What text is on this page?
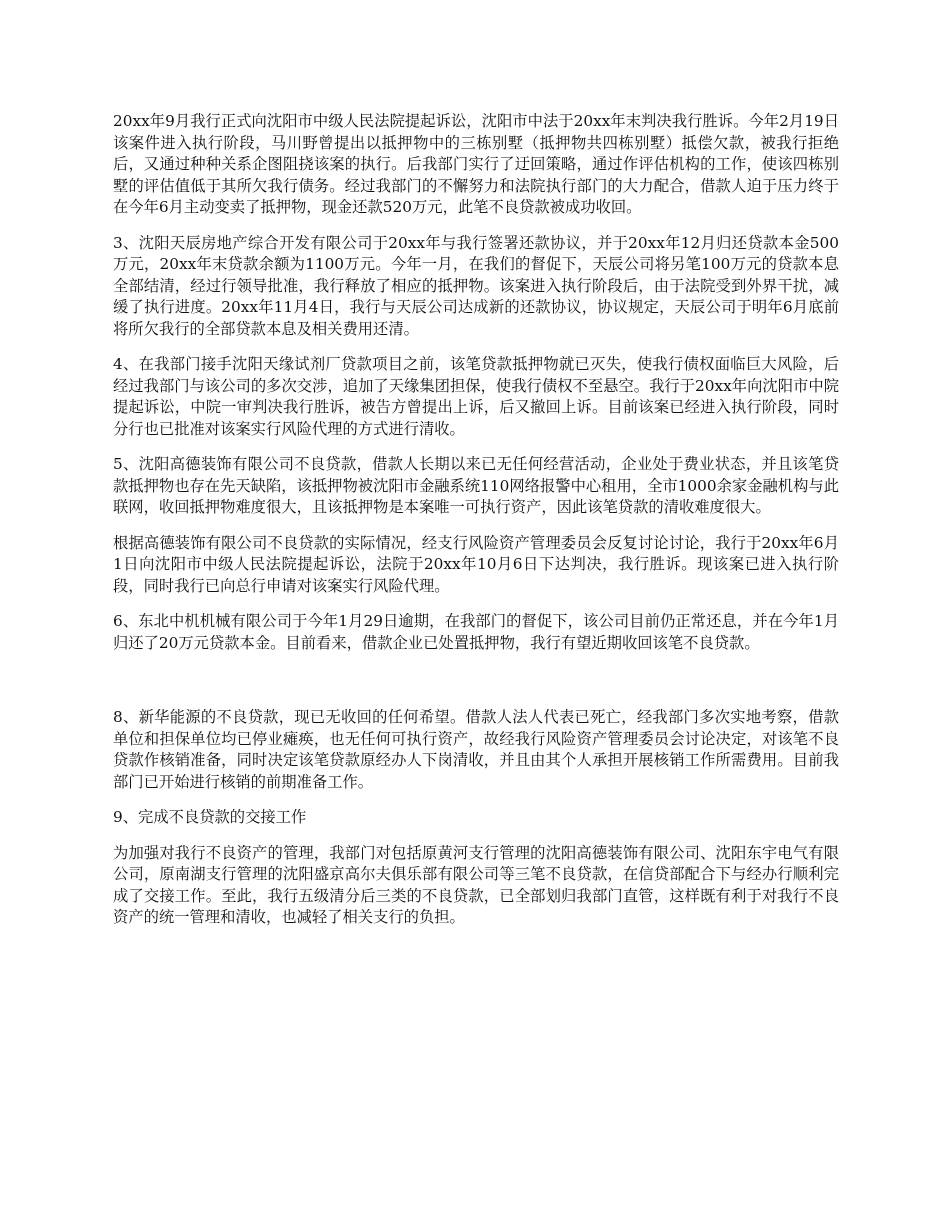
20xx年9月我行正式向沈阳市中级人民法院提起诉讼，沈阳市中法于20xx年末判决我行胜诉。今年2月19日该案件进入执行阶段，马川野曾提出以抵押物中的三栋别墅（抵押物共四栋别墅）抵偿欠款，被我行拒绝后，又通过种种关系企图阻挠该案的执行。后我部门实行了迂回策略，通过作评估机构的工作，使该四栋别墅的评估值低于其所欠我行债务。经过我部门的不懈努力和法院执行部门的大力配合，借款人迫于压力终于在今年6月主动变卖了抵押物，现金还款520万元，此笔不良贷款被成功收回。

3、沈阳天辰房地产综合开发有限公司于20xx年与我行签署还款协议，并于20xx年12月归还贷款本金500万元，20xx年末贷款余额为1100万元。今年一月，在我们的督促下，天辰公司将另笔100万元的贷款本息全部结清，经过行领导批准，我行释放了相应的抵押物。该案进入执行阶段后，由于法院受到外界干扰，减缓了执行进度。20xx年11月4日，我行与天辰公司达成新的还款协议，协议规定，天辰公司于明年6月底前将所欠我行的全部贷款本息及相关费用还清。

4、在我部门接手沈阳天缘试剂厂贷款项目之前，该笔贷款抵押物就已灭失，使我行债权面临巨大风险，后经过我部门与该公司的多次交涉，追加了天缘集团担保，使我行债权不至悬空。我行于20xx年向沈阳市中院提起诉讼，中院一审判决我行胜诉，被告方曾提出上诉，后又撤回上诉。目前该案已经进入执行阶段，同时分行也已批准对该案实行风险代理的方式进行清收。

5、沈阳高德装饰有限公司不良贷款，借款人长期以来已无任何经营活动，企业处于费业状态，并且该笔贷款抵押物也存在先天缺陷，该抵押物被沈阳市金融系统110网络报警中心租用，全市1000余家金融机构与此联网，收回抵押物难度很大，且该抵押物是本案唯一可执行资产，因此该笔贷款的清收难度很大。

根据高德装饰有限公司不良贷款的实际情况，经支行风险资产管理委员会反复讨论讨论，我行于20xx年6月1日向沈阳市中级人民法院提起诉讼，法院于20xx年10月6日下达判决，我行胜诉。现该案已进入执行阶段，同时我行已向总行申请对该案实行风险代理。

6、东北中机机械有限公司于今年1月29日逾期，在我部门的督促下，该公司目前仍正常还息，并在今年1月归还了20万元贷款本金。目前看来，借款企业已处置抵押物，我行有望近期收回该笔不良贷款。

8、新华能源的不良贷款，现已无收回的任何希望。借款人法人代表已死亡，经我部门多次实地考察，借款单位和担保单位均已停业瘫痪，也无任何可执行资产，故经我行风险资产管理委员会讨论决定，对该笔不良贷款作核销准备，同时决定该笔贷款原经办人下岗清收，并且由其个人承担开展核销工作所需费用。目前我部门已开始进行核销的前期准备工作。

9、完成不良贷款的交接工作

为加强对我行不良资产的管理，我部门对包括原黄河支行管理的沈阳高德装饰有限公司、沈阳东宇电气有限公司，原南湖支行管理的沈阳盛京高尔夫俱乐部有限公司等三笔不良贷款，在信贷部配合下与经办行顺利完成了交接工作。至此，我行五级清分后三类的不良贷款，已全部划归我部门直管，这样既有利于对我行不良资产的统一管理和清收，也减轻了相关支行的负担。
